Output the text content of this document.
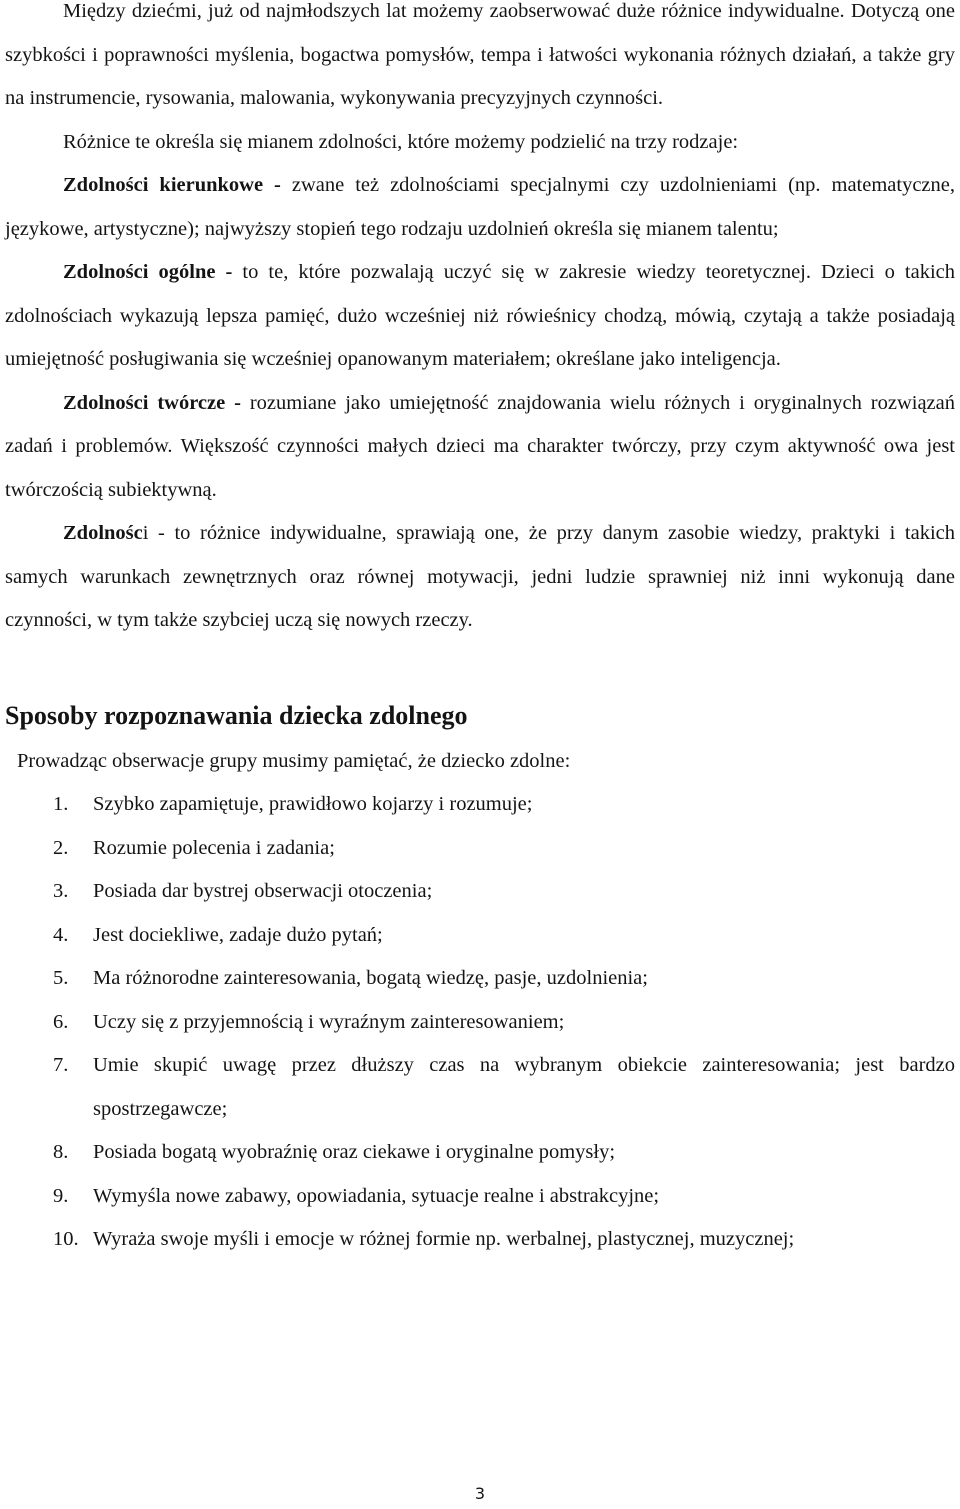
Między dziećmi, już od najmłodszych lat możemy zaobserwować duże różnice indywidualne. Dotyczą one szybkości i poprawności myślenia, bogactwa pomysłów, tempa i łatwości wykonania różnych działań, a także gry na instrumencie, rysowania, malowania, wykonywania precyzyjnych czynności.

Różnice te określa się mianem zdolności, które możemy podzielić na trzy rodzaje:

Zdolności kierunkowe - zwane też zdolnościami specjalnymi czy uzdolnieniami (np. matematyczne, językowe, artystyczne); najwyższy stopień tego rodzaju uzdolnień określa się mianem talentu;

Zdolności ogólne - to te, które pozwalają uczyć się w zakresie wiedzy teoretycznej. Dzieci o takich zdolnościach wykazują lepsza pamięć, dużo wcześniej niż rówieśnicy chodzą, mówią, czytają a także posiadają umiejętność posługiwania się wcześniej opanowanym materiałem; określane jako inteligencja.

Zdolności twórcze - rozumiane jako umiejętność znajdowania wielu różnych i oryginalnych rozwiązań zadań i problemów. Większość czynności małych dzieci ma charakter twórczy, przy czym aktywność owa jest twórczością subiektywną.

Zdolności - to różnice indywidualne, sprawiają one, że przy danym zasobie wiedzy, praktyki i takich samych warunkach zewnętrznych oraz równej motywacji, jedni ludzie sprawniej niż inni wykonują dane czynności, w tym także szybciej uczą się nowych rzeczy.

Sposoby rozpoznawania dziecka zdolnego

Prowadząc obserwacje grupy musimy pamiętać, że dziecko zdolne:

1.	Szybko zapamiętuje, prawidłowo kojarzy i rozumuje;
2.	Rozumie polecenia i zadania;
3.	Posiada dar bystrej obserwacji otoczenia;
4.	Jest dociekliwe, zadaje dużo pytań;
5.	Ma różnorodne zainteresowania, bogatą wiedzę, pasje, uzdolnienia;
6.	Uczy się z przyjemnością i wyraźnym zainteresowaniem;
7.	Umie skupić uwagę przez dłuższy czas na wybranym obiekcie zainteresowania; jest bardzo spostrzegawcze;
8.	Posiada bogatą wyobraźnię oraz ciekawe i oryginalne pomysły;
9.	Wymyśla nowe zabawy, opowiadania, sytuacje realne i abstrakcyjne;
10. Wyraża swoje myśli i emocje w różnej formie np. werbalnej, plastycznej, muzycznej;
3
